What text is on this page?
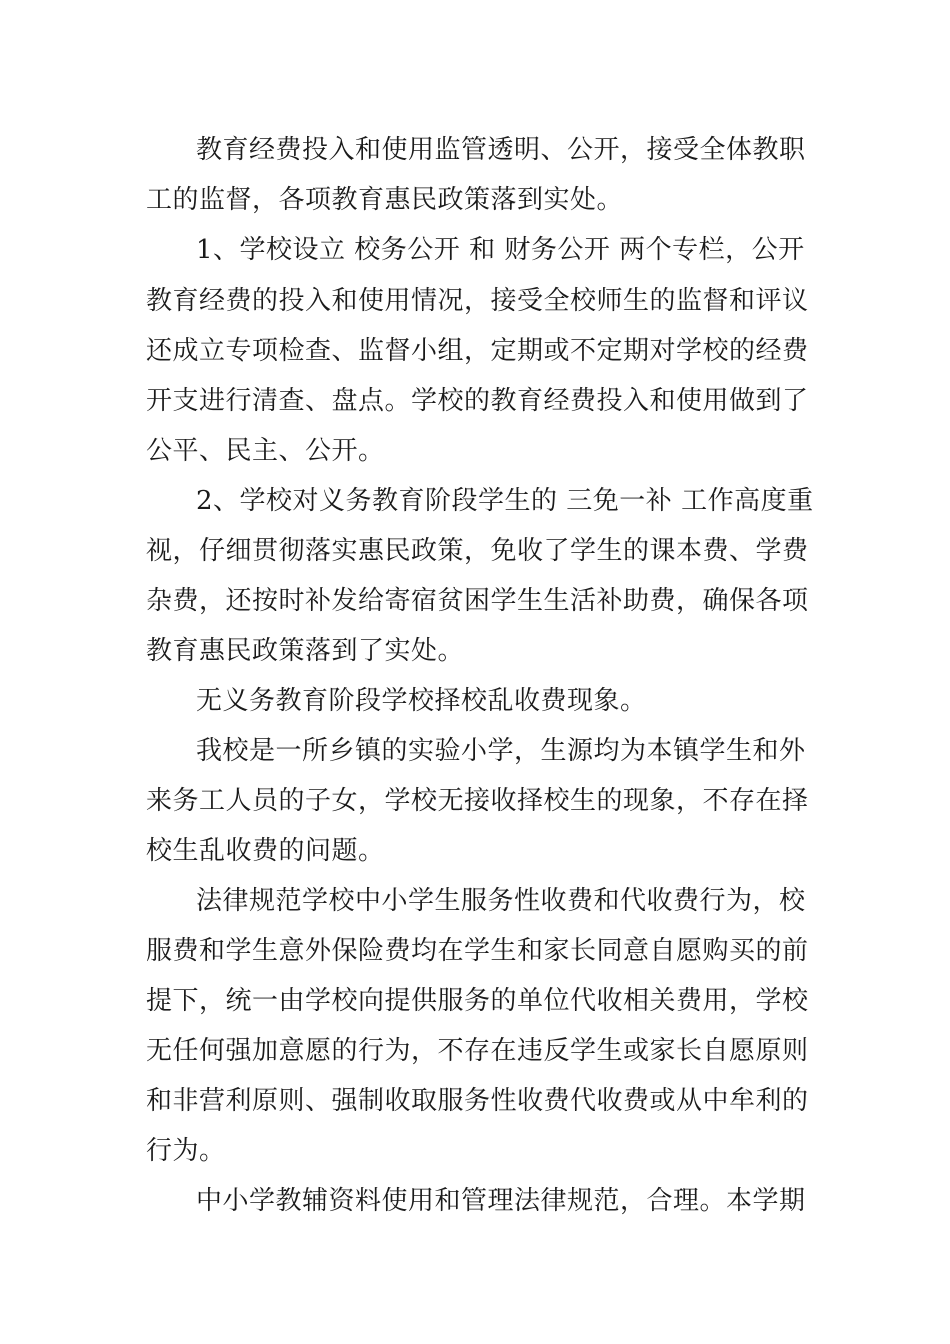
教育经费投入和使用监管透明、公开，接受全体教职
工的监督，各项教育惠民政策落到实处。
1、学校设立 校务公开 和 财务公开 两个专栏，公开
教育经费的投入和使用情况，接受全校师生的监督和评议
还成立专项检查、监督小组，定期或不定期对学校的经费
开支进行清查、盘点。学校的教育经费投入和使用做到了
公平、民主、公开。
2、学校对义务教育阶段学生的 三免一补 工作高度重
视，仔细贯彻落实惠民政策，免收了学生的课本费、学费
杂费，还按时补发给寄宿贫困学生生活补助费，确保各项
教育惠民政策落到了实处。
无义务教育阶段学校择校乱收费现象。
我校是一所乡镇的实验小学，生源均为本镇学生和外
来务工人员的子女，学校无接收择校生的现象，不存在择
校生乱收费的问题。
法律规范学校中小学生服务性收费和代收费行为，校
服费和学生意外保险费均在学生和家长同意自愿购买的前
提下，统一由学校向提供服务的单位代收相关费用，学校
无任何强加意愿的行为，不存在违反学生或家长自愿原则
和非营利原则、强制收取服务性收费代收费或从中牟利的
行为。
中小学教辅资料使用和管理法律规范，合理。本学期
